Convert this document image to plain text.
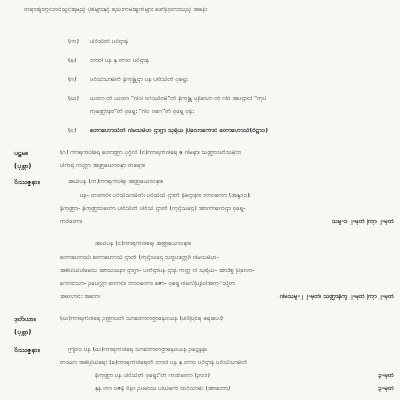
တရားရုံးတွင်တင်သွင်းရမည့် ပုံစံများနှင့် စည်းကမ်းချက်များ ဖော်ပြထားသည့် အခန်း
(က) ပါဝီသီတိ ပဝိဌာနံ
(ခ) ဘာဝါ ပန နှ တာဝ ပဝိဌာနံ
(ဂ) ပဝိသီသာမီတိ နိကုန္တြဌာ ပန ပါဝီသီတိ ဝှရွေး
(ဃ) ယထာ တီ ယထာ "ဂါဝါ ဝဂ်ဿီဝမီ"တိ နိကုန္တြ ပုနိသော တံ ဂါဝ် အပဌာဝါ "ကုပ်
ကုဏ္ဍောနာ"တိ ဝှရွေး "ဂါဝ ဝဂေ"တိ ဝှရွေ ဝန်း
(င) တောဟောသီတိ ဂါမသမီဟ ဌာဂ္ဂာ သုရိယ ပြဲလောကောင် တောဟောသီ(ဝိဋ္ဌာ၁)
ပဋမ။	(ဂ) ကာရက်ဝါရေ ဟောဏ္ဍာ ပုဂ္ဂိလီ (င)ကာရက်ဝါရေ ဧ ဂါမနာ၊ သဏ္ဍာ၁ဟီသမိုဘ
(ပုစ္ဆာ)	ပါကရဲ ကတ္တာ အဏ္ဍယောဝနှာ တရော။
ဝိဿဇ္ဇနာ။	အယ်ပန (က)ကာရက်ဝါရ၊ အဏ္ဍယောဝနှာ။
ပန- တထာဝိ။ ပဝိသီသာမီတိ၊ ပဝိသီသိ ဌာတိ နိဓဌာနာ၊ ဘာဝတော (အနူ၁၁)၊
နိကုဏ္ဍာ- နိကုဏ္ဍာ၁တော ပါဝိသီတိ ပါဝိသီ ဌာတိ (ကုဌီသဌေ) အာကာကေဌာ ဝှရွေ-
ကဝိတော၊	သမူ-၁ ၂-မှတ် ကြာ ၂-မှတ်
အယ်ပန (င)ကာရက်ဝါရေ၊ အဏ္ဍယောဝနှာ။
တောဟောသီ၊ တောဟောသီ ဌာတိ (ကုဌီသဌေ သဗ္ဗပဒတ္ထ)၊ ဂါမသမီဟ-
အဓိပါယ်ပါမေသ အာသသနာ ဌာဂ္ဂာ- ပတိဌာပန ဌာနံ ကတ္တ ဝါ သုရိယ- အာဒိစ္စ ပြဲလော-
ကောင်သာ- ဥပေလ္လာ ကောင်။ ဘာဝတော၊ ဇော- ဝှရွေ ဂါမလီပြန်ဝါအကုိသို့ဝာ
အလောင်း အဘေ၊	ဂါမသမူ-၂ ၂-မှတ်၊ သဏ္ဍာနိကူ ၂-မှတ် ကြာ ၂-မှတ်
ဒုတိယာ။	(ဃ)ကာရက်ဝါရေ ဥဏ္ဍာပတီ သာဘောတဗ္ဗာနေဝယန (ပါဝိပြင်ရ ရေးပေး)
(ပုစ္ဆာ)
ဝိဿဇ္ဇနာ။	ဤဝဝ ပန (ဃ)ကာရက်ဝါရေ သာဘောတဗ္ဗာနေဝယန ဥဋ္ဌေနနံ။
တဿာ အဓိပ္ပါယ်ရေး (ခ)ကာရက်ဝါရေတ်ီ ဘာဝါ ပန နှ တာဝ ပဝိဌာနံ ပဝိသီသာမီတိ
နိကုဏ္ဍာ ပန ပါဝိသီတိ ဝှရွေး"တိ ကထိတော (ဥဗ၁)	၃-မှတ်
နှန တာ ဝဇနီ ဝိနာ ဥပမာသ ပါယ်ကေ ထဝိသာမီး (အာဘော)	၃-မှတ်
